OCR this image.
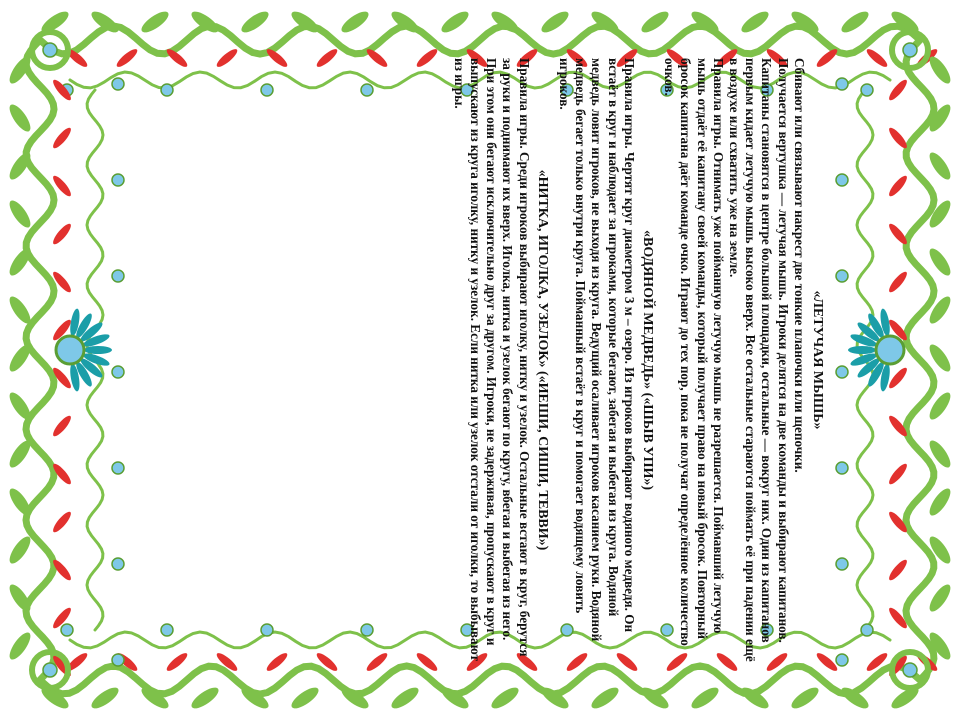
«ЛЕТУЧАЯ МЫШЬ»

Сбивают или связывают накрест две тонкие планочки или щепочки.

Получается вертушка — летучая мышь. Игроки делятся на две команды и выбирают капитанов. Капитаны становятся в центре большой площадки, остальные — вокруг них. Один из капитанов первым кидает летучую мышь высоко вверх. Все остальные стараются поймать её при падении ещё в воздухе или схватить уже на земле.

Правила игры. Отнимать уже пойманную летучую мышь не разрешается. Поймавший летучую мышь отдаёт её капитану своей команды, который получает право на новый бросок. Повторный бросок капитана даёт команде очко. Играют до тех пор, пока не получат определённое количество очков.

«ВОДЯНОЙ МЕДВЕДЬ» («ШЫВ УПИ»)

Правила игры. Чертят круг диаметром 3 м – озеро. Из игроков выбирают водяного медведя. Он встаёт в круг и наблюдает за игроками, которые бегают, забегая и выбегая из круга. Водяной медведь ловит игроков, не выходя из круга. Ведущий осаливает игроков касанием руки. Водяной медведь бегает только внутри круга. Пойманный встаёт в круг и помогает водящему ловить игроков.

«НИТКА, ИГОЛКА, УЗЕЛОК» («ИЕШИ, СИШИ, ТЕВВИ»)

Правила игры. Среди игроков выбирают иголку, нитку и узелок. Остальные встают в круг, берутся за руки и поднимают их вверх. Иголка, нитка и узелок бегают по кругу, вбегая и выбегая из него. При этом они бегают исключительно друг за другом. Игроки, не задерживая, пропускают в круг и выпускают из круга иголку, нитку и узелок. Если нитка или узелок отстали от иголки, то выбывают из игры.
